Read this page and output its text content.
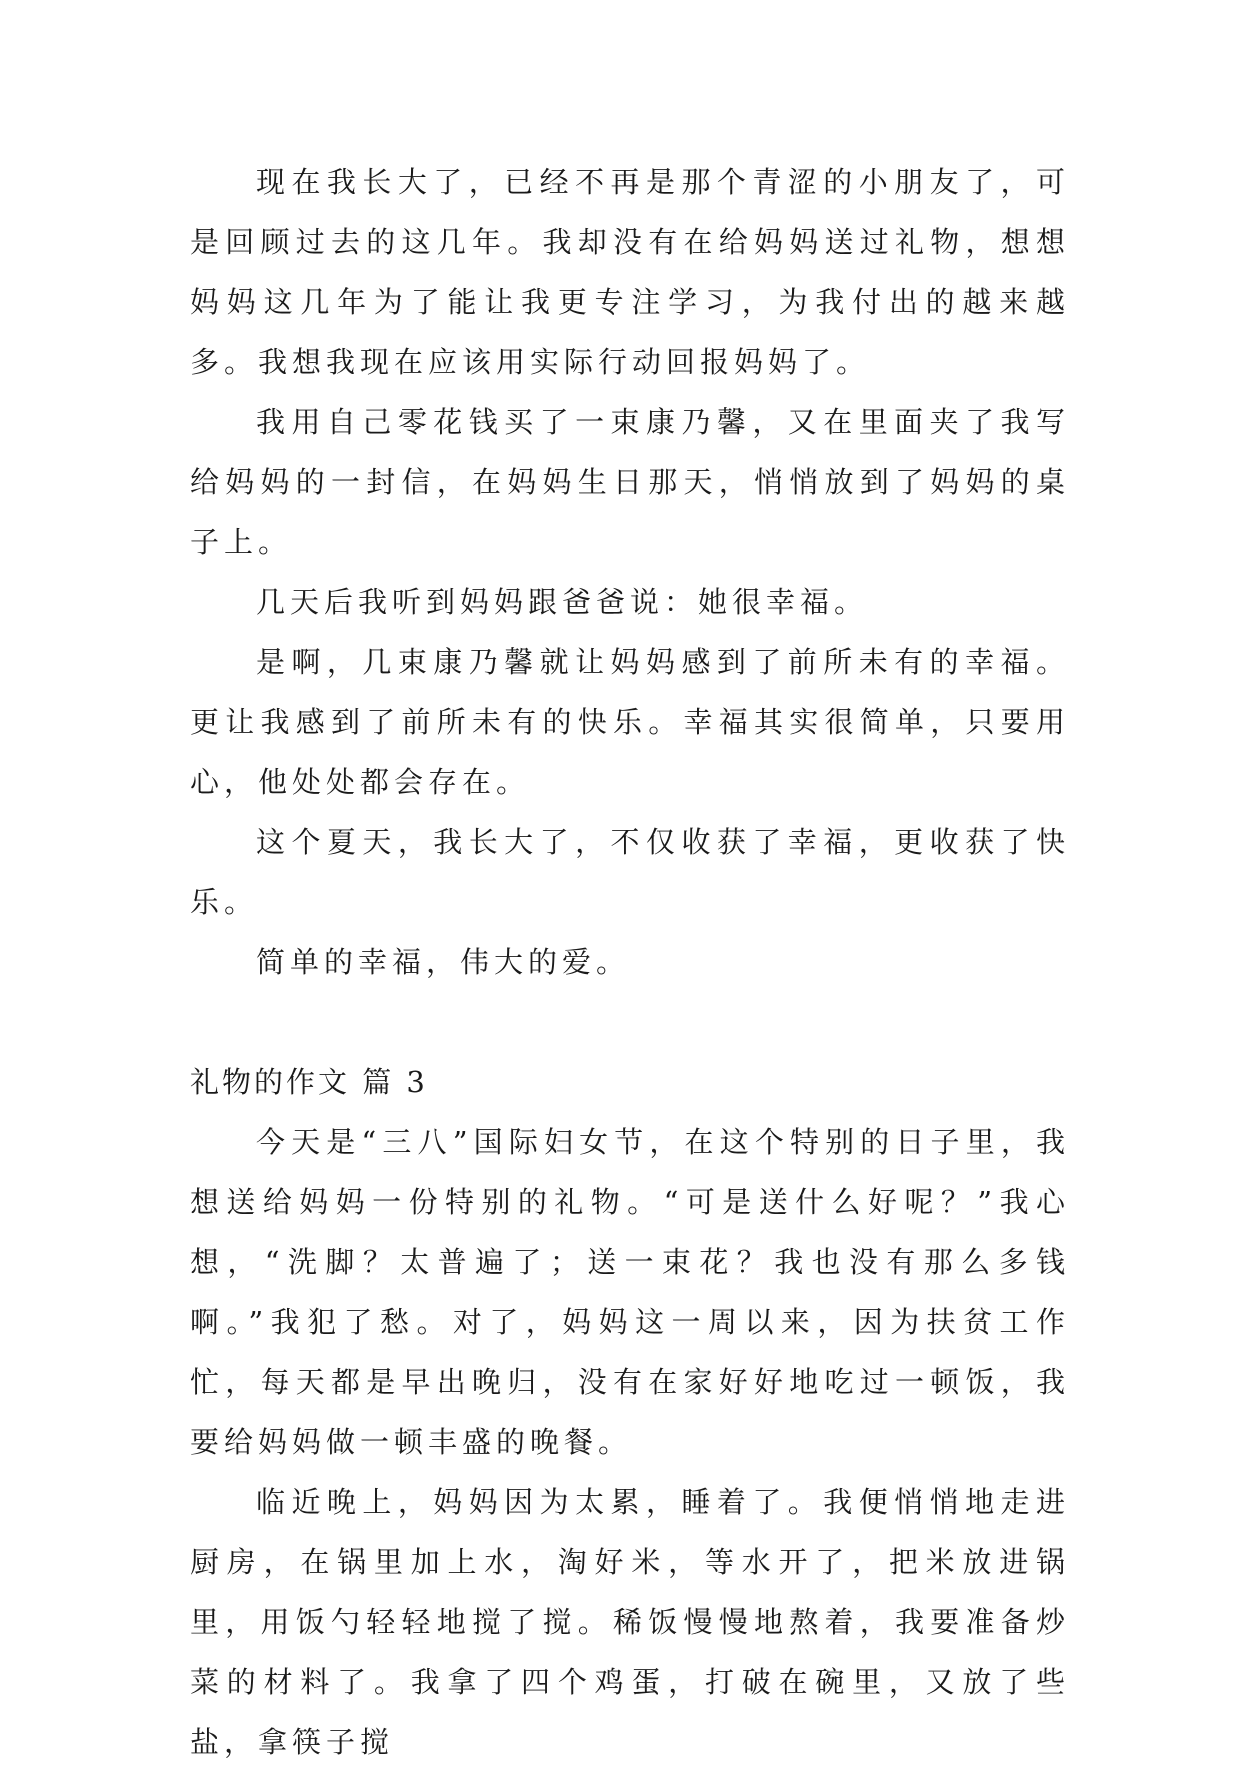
现在我长大了，已经不再是那个青涩的小朋友了，可是回顾过去的这几年。我却没有在给妈妈送过礼物，想想妈妈这几年为了能让我更专注学习，为我付出的越来越多。我想我现在应该用实际行动回报妈妈了。

我用自己零花钱买了一束康乃馨，又在里面夹了我写给妈妈的一封信，在妈妈生日那天，悄悄放到了妈妈的桌子上。

几天后我听到妈妈跟爸爸说：她很幸福。

是啊，几束康乃馨就让妈妈感到了前所未有的幸福。更让我感到了前所未有的快乐。幸福其实很简单，只要用心，他处处都会存在。

这个夏天，我长大了，不仅收获了幸福，更收获了快乐。

简单的幸福，伟大的爱。

礼物的作文 篇 3

今天是“三八”国际妇女节，在这个特别的日子里，我想送给妈妈一份特别的礼物。“可是送什么好呢？”我心想，“洗脚？太普遍了；送一束花？我也没有那么多钱啊。”我犯了愁。对了，妈妈这一周以来，因为扶贫工作忙，每天都是早出晚归，没有在家好好地吃过一顿饭，我要给妈妈做一顿丰盛的晚餐。

临近晚上，妈妈因为太累，睡着了。我便悄悄地走进厨房，在锅里加上水，淘好米，等水开了，把米放进锅里，用饭勺轻轻地搅了搅。稀饭慢慢地熬着，我要准备炒菜的材料了。我拿了四个鸡蛋，打破在碗里，又放了些盐，拿筷子搅
